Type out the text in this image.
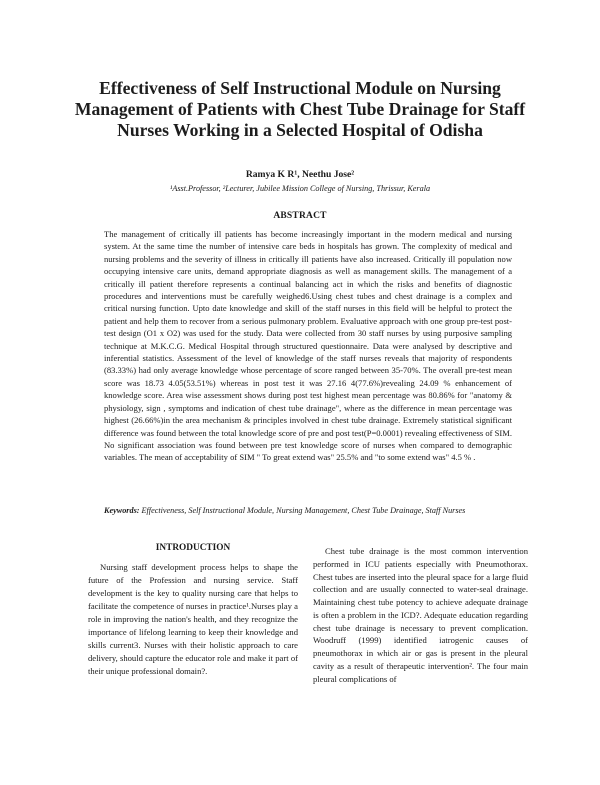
Effectiveness of Self Instructional Module on Nursing Management of Patients with Chest Tube Drainage for Staff Nurses Working in a Selected Hospital of Odisha
Ramya K R¹, Neethu Jose²
¹Asst.Professor, ²Lecturer, Jubilee Mission College of Nursing, Thrissur, Kerala
ABSTRACT

The management of critically ill patients has become increasingly important in the modern medical and nursing system. At the same time the number of intensive care beds in hospitals has grown. The complexity of medical and nursing problems and the severity of illness in critically ill patients have also increased. Critically ill population now occupying intensive care units, demand appropriate diagnosis as well as management skills. The management of a critically ill patient therefore represents a continual balancing act in which the risks and benefits of diagnostic procedures and interventions must be carefully weighed6.Using chest tubes and chest drainage is a complex and critical nursing function. Upto date knowledge and skill of the staff nurses in this field will be helpful to protect the patient and help them to recover from a serious pulmonary problem. Evaluative approach with one group pre-test post-test design (O1 x O2) was used for the study. Data were collected from 30 staff nurses by using purposive sampling technique at M.K.C.G. Medical Hospital through structured questionnaire. Data were analysed by descriptive and inferential statistics. Assessment of the level of knowledge of the staff nurses reveals that majority of respondents (83.33%) had only average knowledge whose percentage of score ranged between 35-70%. The overall pre-test mean score was 18.73 4.05(53.51%) whereas in post test it was 27.16 4(77.6%)revealing 24.09 % enhancement of knowledge score. Area wise assessment shows during post test highest mean percentage was 80.86% for "anatomy & physiology, sign , symptoms and indication of chest tube drainage", where as the difference in mean percentage was highest (26.66%)in the area mechanism & principles involved in chest tube drainage. Extremely statistical significant difference was found between the total knowledge score of pre and post test(P=0.0001) revealing effectiveness of SIM. No significant association was found between pre test knowledge score of nurses when compared to demographic variables. The mean of acceptability of SIM " To great extend was" 25.5% and "to some extend was" 4.5 % .

Keywords: Effectiveness, Self Instructional Module, Nursing Management, Chest Tube Drainage, Staff Nurses

INTRODUCTION

Nursing staff development process helps to shape the future of the Profession and nursing service. Staff development is the key to quality nursing care that helps to facilitate the competence of nurses in practice¹.Nurses play a role in improving the nation's health, and they recognize the importance of lifelong learning to keep their knowledge and skills current3. Nurses with their holistic approach to care delivery, should capture the educator role and make it part of their unique professional domain?.

Chest tube drainage is the most common intervention performed in ICU patients especially with Pneumothorax. Chest tubes are inserted into the pleural space for a large fluid collection and are usually connected to water-seal drainage. Maintaining chest tube potency to achieve adequate drainage is often a problem in the ICD?. Adequate education regarding chest tube drainage is necessary to prevent complication. Woodruff (1999) identified iatrogenic causes of pneumothorax in which air or gas is present in the pleural cavity as a result of therapeutic intervention². The four main pleural complications of
